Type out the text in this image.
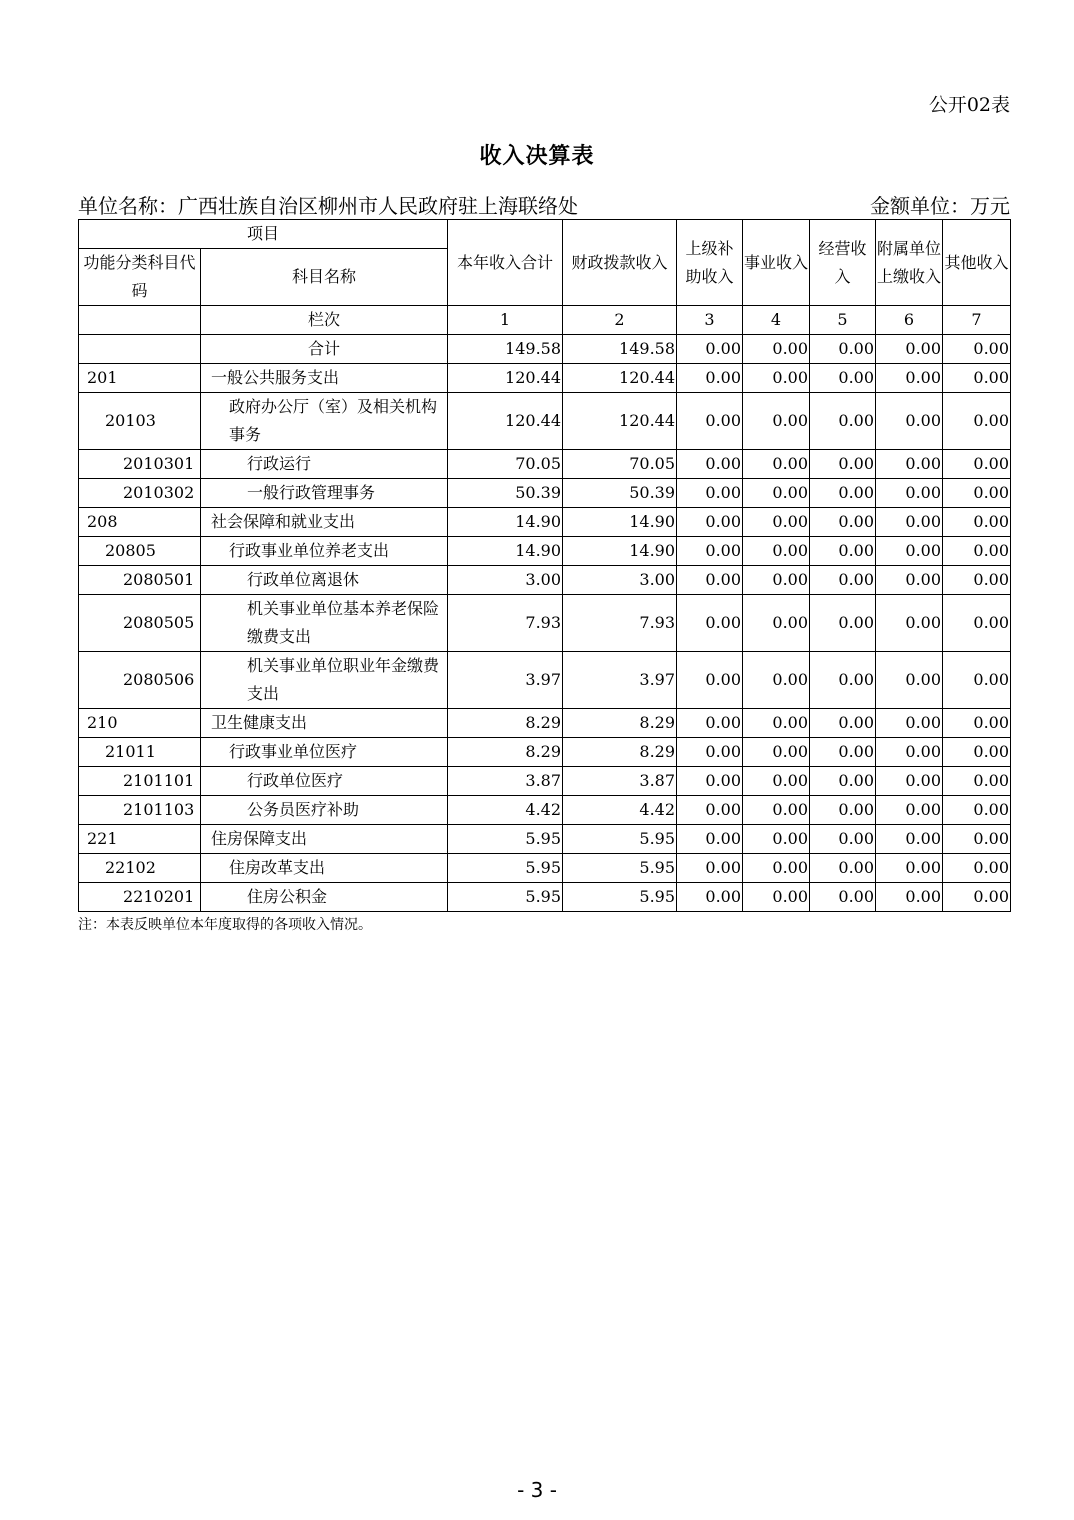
公开02表
收入决算表
单位名称：广西壮族自治区柳州市人民政府驻上海联络处	金额单位：万元
项目		本年收入合计	财政拨款收入	上级补助收入	事业收入	经营收入	附属单位上缴收入	其他收入
功能分类科目代码	科目名称							
	栏次	1	2	3	4	5	6	7
	合计	149.58	149.58	0.00	0.00	0.00	0.00	0.00
201	一般公共服务支出	120.44	120.44	0.00	0.00	0.00	0.00	0.00
20103	政府办公厅（室）及相关机构事务	120.44	120.44	0.00	0.00	0.00	0.00	0.00
2010301	行政运行	70.05	70.05	0.00	0.00	0.00	0.00	0.00
2010302	一般行政管理事务	50.39	50.39	0.00	0.00	0.00	0.00	0.00
208	社会保障和就业支出	14.90	14.90	0.00	0.00	0.00	0.00	0.00
20805	行政事业单位养老支出	14.90	14.90	0.00	0.00	0.00	0.00	0.00
2080501	行政单位离退休	3.00	3.00	0.00	0.00	0.00	0.00	0.00
2080505	机关事业单位基本养老保险缴费支出	7.93	7.93	0.00	0.00	0.00	0.00	0.00
2080506	机关事业单位职业年金缴费支出	3.97	3.97	0.00	0.00	0.00	0.00	0.00
210	卫生健康支出	8.29	8.29	0.00	0.00	0.00	0.00	0.00
21011	行政事业单位医疗	8.29	8.29	0.00	0.00	0.00	0.00	0.00
2101101	行政单位医疗	3.87	3.87	0.00	0.00	0.00	0.00	0.00
2101103	公务员医疗补助	4.42	4.42	0.00	0.00	0.00	0.00	0.00
221	住房保障支出	5.95	5.95	0.00	0.00	0.00	0.00	0.00
22102	住房改革支出	5.95	5.95	0.00	0.00	0.00	0.00	0.00
2210201	住房公积金	5.95	5.95	0.00	0.00	0.00	0.00	0.00
注：本表反映单位本年度取得的各项收入情况。
- 3 -
